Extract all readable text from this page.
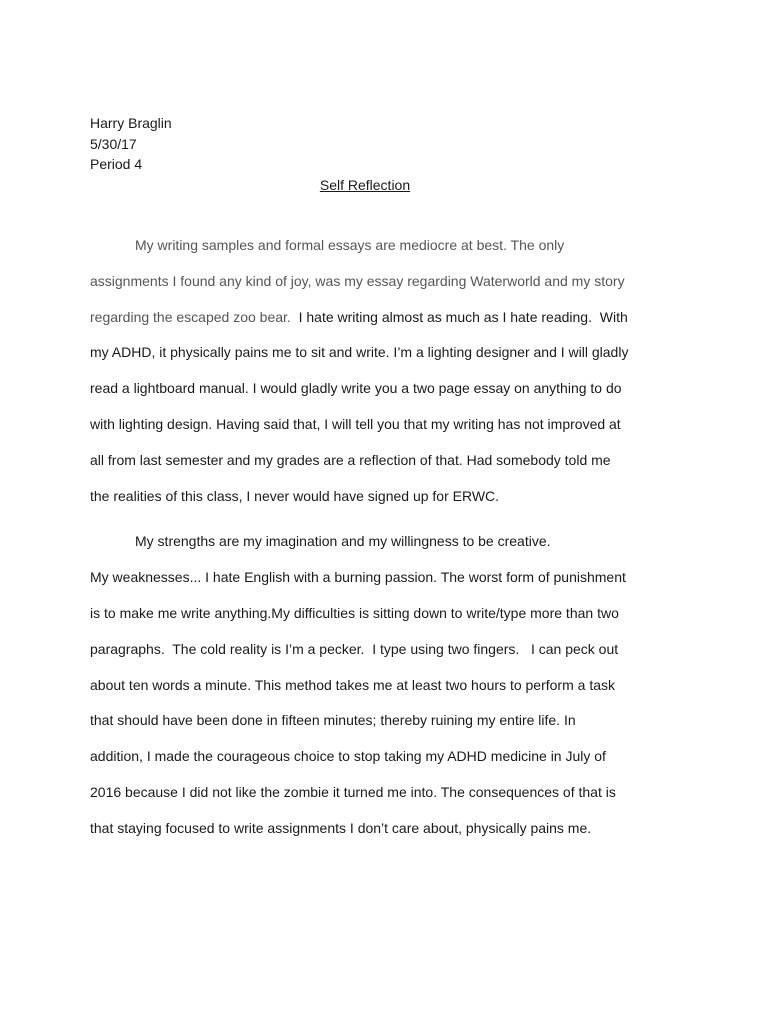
Harry Braglin
5/30/17
Period 4
Self Reflection
My writing samples and formal essays are mediocre at best. The only
assignments I found any kind of joy, was my essay regarding Waterworld and my story
regarding the escaped zoo bear.  I hate writing almost as much as I hate reading.  With
my ADHD, it physically pains me to sit and write. I’m a lighting designer and I will gladly
read a lightboard manual. I would gladly write you a two page essay on anything to do
with lighting design. Having said that, I will tell you that my writing has not improved at
all from last semester and my grades are a reflection of that. Had somebody told me
the realities of this class, I never would have signed up for ERWC.
My strengths are my imagination and my willingness to be creative.
My weaknesses... I hate English with a burning passion. The worst form of punishment
is to make me write anything.My difficulties is sitting down to write/type more than two
paragraphs.  The cold reality is I’m a pecker.  I type using two fingers.   I can peck out
about ten words a minute. This method takes me at least two hours to perform a task
that should have been done in fifteen minutes; thereby ruining my entire life. In
addition, I made the courageous choice to stop taking my ADHD medicine in July of
2016 because I did not like the zombie it turned me into. The consequences of that is
that staying focused to write assignments I don’t care about, physically pains me.
